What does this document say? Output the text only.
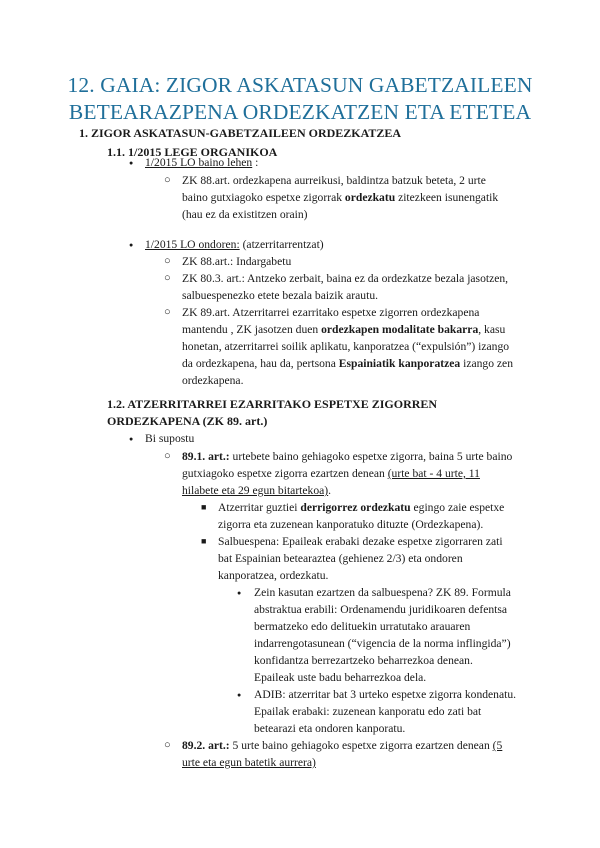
12. GAIA: ZIGOR ASKATASUN GABETZAILEEN
BETEARAZPENA ORDEZKATZEN ETA ETETEA
1. ZIGOR ASKATASUN-GABETZAILEEN ORDEZKATZEA
1.1. 1/2015 LEGE ORGANIKOA
●
1/2015 LO baino lehen :
○
ZK 88.art. ordezkapena aurreikusi, baldintza batzuk beteta, 2 urte
baino gutxiagoko espetxe zigorrak ordezkatu zitezkeen isunengatik
(hau ez da existitzen orain)
●
1/2015 LO ondoren: (atzerritarrentzat)
○
ZK 88.art.: Indargabetu
○
ZK 80.3. art.: Antzeko zerbait, baina ez da ordezkatze bezala jasotzen,
salbuespenezko etete bezala baizik arautu.
○
ZK 89.art. Atzerritarrei ezarritako espetxe zigorren ordezkapena
mantendu , ZK jasotzen duen ordezkapen modalitate bakarra, kasu
honetan, atzerritarrei soilik aplikatu, kanporatzea (“expulsión”) izango
da ordezkapena, hau da, pertsona Espainiatik kanporatzea izango zen
ordezkapena.
1.2. ATZERRITARREI EZARRITAKO ESPETXE ZIGORREN
ORDEZKAPENA (ZK 89. art.)
●
Bi supostu
○
89.1. art.: urtebete baino gehiagoko espetxe zigorra, baina 5 urte baino
gutxiagoko espetxe zigorra ezartzen denean (urte bat - 4 urte, 11
hilabete eta 29 egun bitartekoa).
■
Atzerritar guztiei derrigorrez ordezkatu egingo zaie espetxe
zigorra eta zuzenean kanporatuko dituzte (Ordezkapena).
■
Salbuespena: Epaileak erabaki dezake espetxe zigorraren zati
bat Espainian betearaztea (gehienez 2/3) eta ondoren
kanporatzea, ordezkatu.
●
Zein kasutan ezartzen da salbuespena? ZK 89. Formula
abstraktua erabili: Ordenamendu juridikoaren defentsa
bermatzeko edo delituekin urratutako arauaren
indarrengotasunean (“vigencia de la norma inflingida”)
konfidantza berrezartzeko beharrezkoa denean.
Epaileak uste badu beharrezkoa dela.
●
ADIB: atzerritar bat 3 urteko espetxe zigorra kondenatu.
Epailak erabaki: zuzenean kanporatu edo zati bat
betearazi eta ondoren kanporatu.
○
89.2. art.: 5 urte baino gehiagoko espetxe zigorra ezartzen denean (5
urte eta egun batetik aurrera)
